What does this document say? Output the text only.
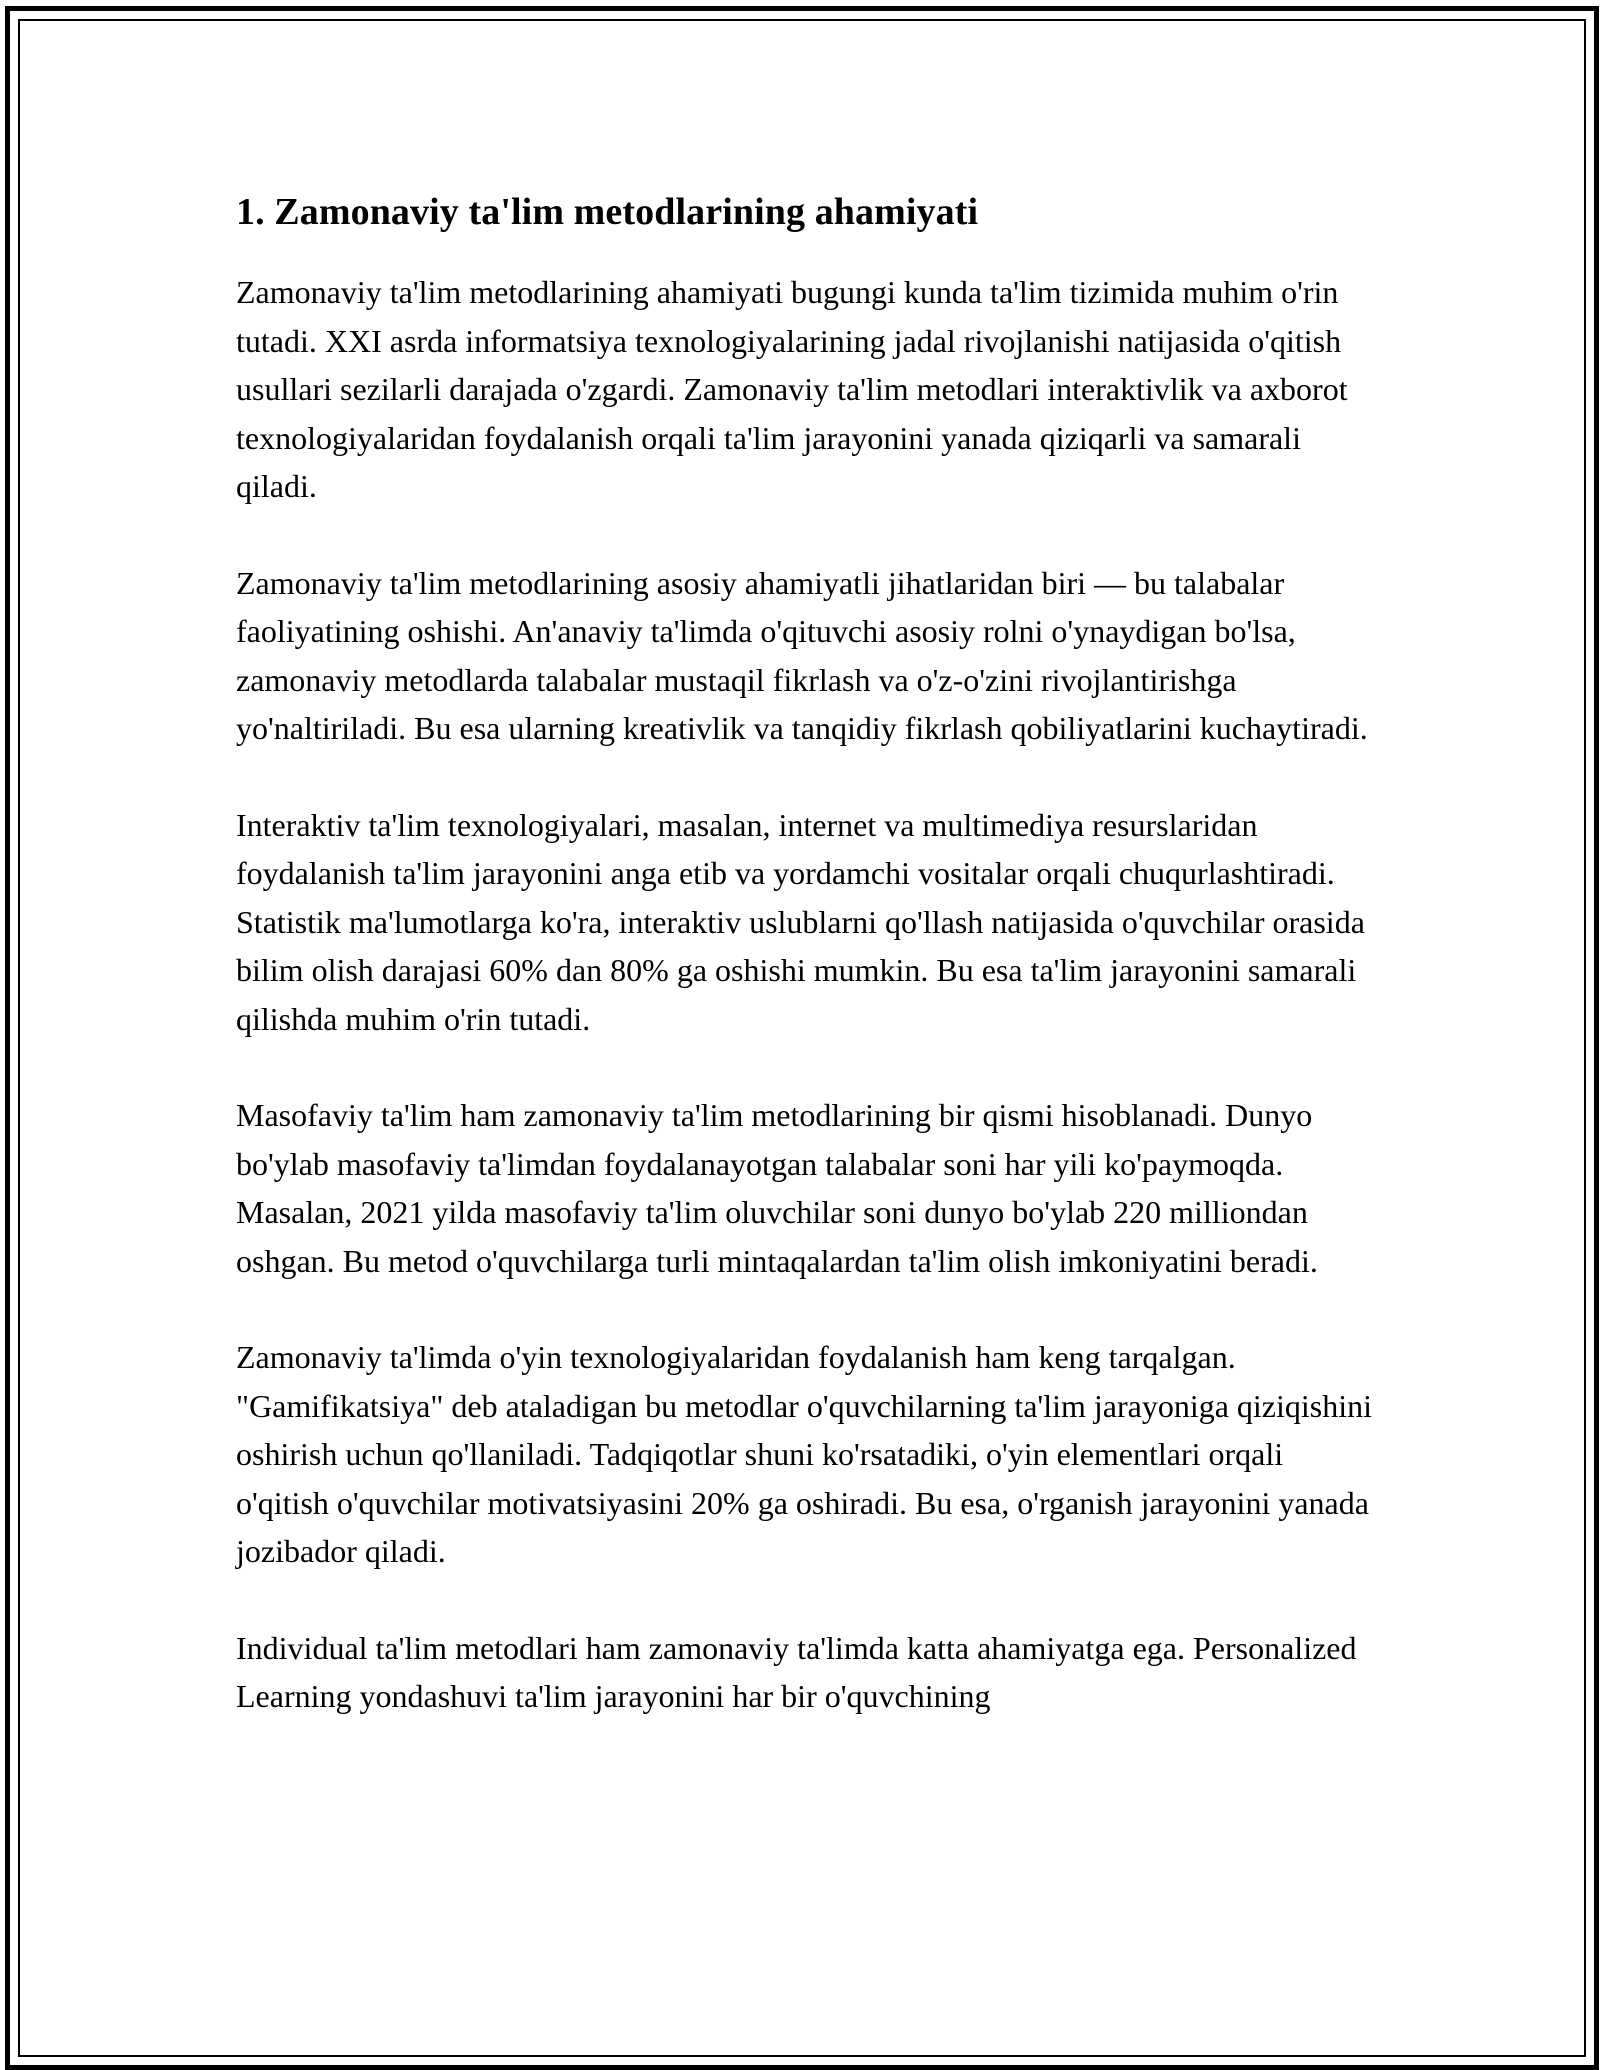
1. Zamonaviy ta'lim metodlarining ahamiyati

Zamonaviy ta'lim metodlarining ahamiyati bugungi kunda ta'lim tizimida muhim o'rin tutadi. XXI asrda informatsiya texnologiyalarining jadal rivojlanishi natijasida o'qitish usullari sezilarli darajada o'zgardi. Zamonaviy ta'lim metodlari interaktivlik va axborot texnologiyalaridan foydalanish orqali ta'lim jarayonini yanada qiziqarli va samarali qiladi.

Zamonaviy ta'lim metodlarining asosiy ahamiyatli jihatlaridan biri — bu talabalar faoliyatining oshishi. An'anaviy ta'limda o'qituvchi asosiy rolni o'ynaydigan bo'lsa, zamonaviy metodlarda talabalar mustaqil fikrlash va o'z-o'zini rivojlantirishga yo'naltiriladi. Bu esa ularning kreativlik va tanqidiy fikrlash qobiliyatlarini kuchaytiradi.

Interaktiv ta'lim texnologiyalari, masalan, internet va multimediya resurslaridan foydalanish ta'lim jarayonini anga etib va yordamchi vositalar orqali chuqurlashtiradi. Statistik ma'lumotlarga ko'ra, interaktiv uslublarni qo'llash natijasida o'quvchilar orasida bilim olish darajasi 60% dan 80% ga oshishi mumkin. Bu esa ta'lim jarayonini samarali qilishda muhim o'rin tutadi.

Masofaviy ta'lim ham zamonaviy ta'lim metodlarining bir qismi hisoblanadi. Dunyo bo'ylab masofaviy ta'limdan foydalanayotgan talabalar soni har yili ko'paymoqda. Masalan, 2021 yilda masofaviy ta'lim oluvchilar soni dunyo bo'ylab 220 milliondan oshgan. Bu metod o'quvchilarga turli mintaqalardan ta'lim olish imkoniyatini beradi.

Zamonaviy ta'limda o'yin texnologiyalaridan foydalanish ham keng tarqalgan. "Gamifikatsiya" deb ataladigan bu metodlar o'quvchilarning ta'lim jarayoniga qiziqishini oshirish uchun qo'llaniladi. Tadqiqotlar shuni ko'rsatadiki, o'yin elementlari orqali o'qitish o'quvchilar motivatsiyasini 20% ga oshiradi. Bu esa, o'rganish jarayonini yanada jozibador qiladi.

Individual ta'lim metodlari ham zamonaviy ta'limda katta ahamiyatga ega. Personalized Learning yondashuvi ta'lim jarayonini har bir o'quvchining
